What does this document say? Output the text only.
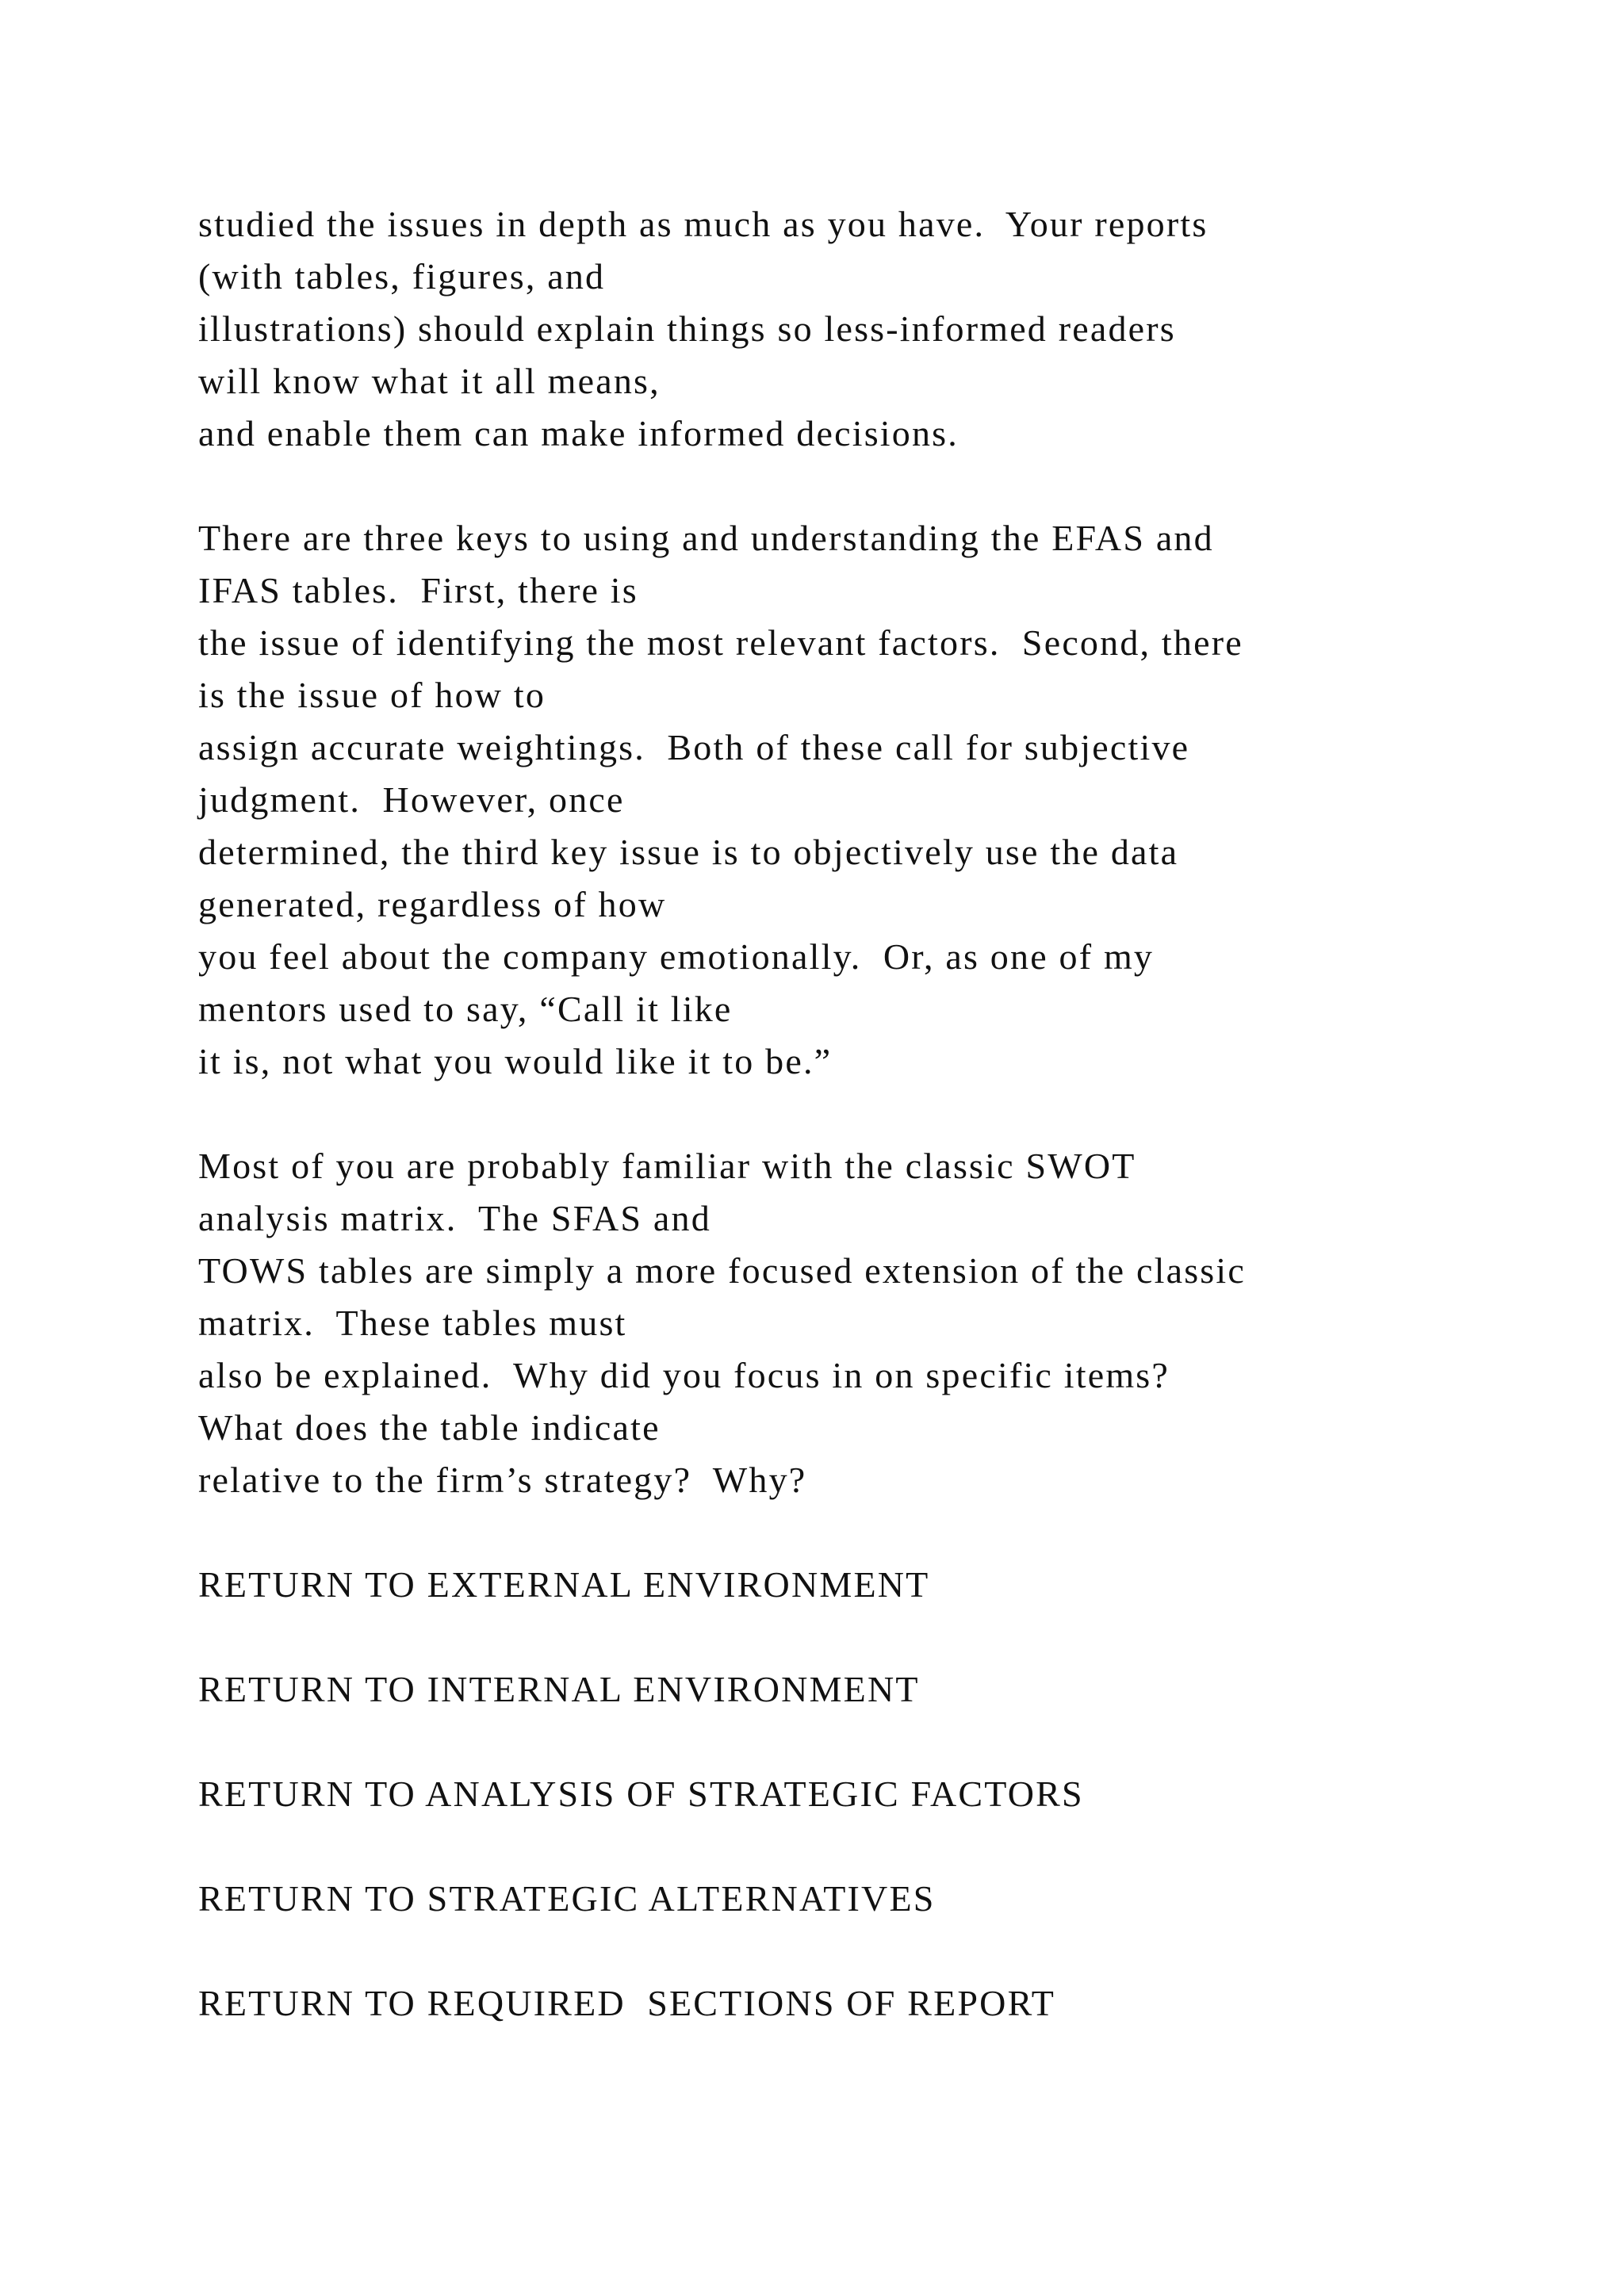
studied the issues in depth as much as you have.  Your reports
(with tables, figures, and
illustrations) should explain things so less-informed readers
will know what it all means,
and enable them can make informed decisions.
There are three keys to using and understanding the EFAS and
IFAS tables.  First, there is
the issue of identifying the most relevant factors.  Second, there
is the issue of how to
assign accurate weightings.  Both of these call for subjective
judgment.  However, once
determined, the third key issue is to objectively use the data
generated, regardless of how
you feel about the company emotionally.  Or, as one of my
mentors used to say, “Call it like
it is, not what you would like it to be.”
Most of you are probably familiar with the classic SWOT
analysis matrix.  The SFAS and
TOWS tables are simply a more focused extension of the classic
matrix.  These tables must
also be explained.  Why did you focus in on specific items?
What does the table indicate
relative to the firm’s strategy?  Why?
RETURN TO EXTERNAL ENVIRONMENT
RETURN TO INTERNAL ENVIRONMENT
RETURN TO ANALYSIS OF STRATEGIC FACTORS
RETURN TO STRATEGIC ALTERNATIVES
RETURN TO REQUIRED  SECTIONS OF REPORT
